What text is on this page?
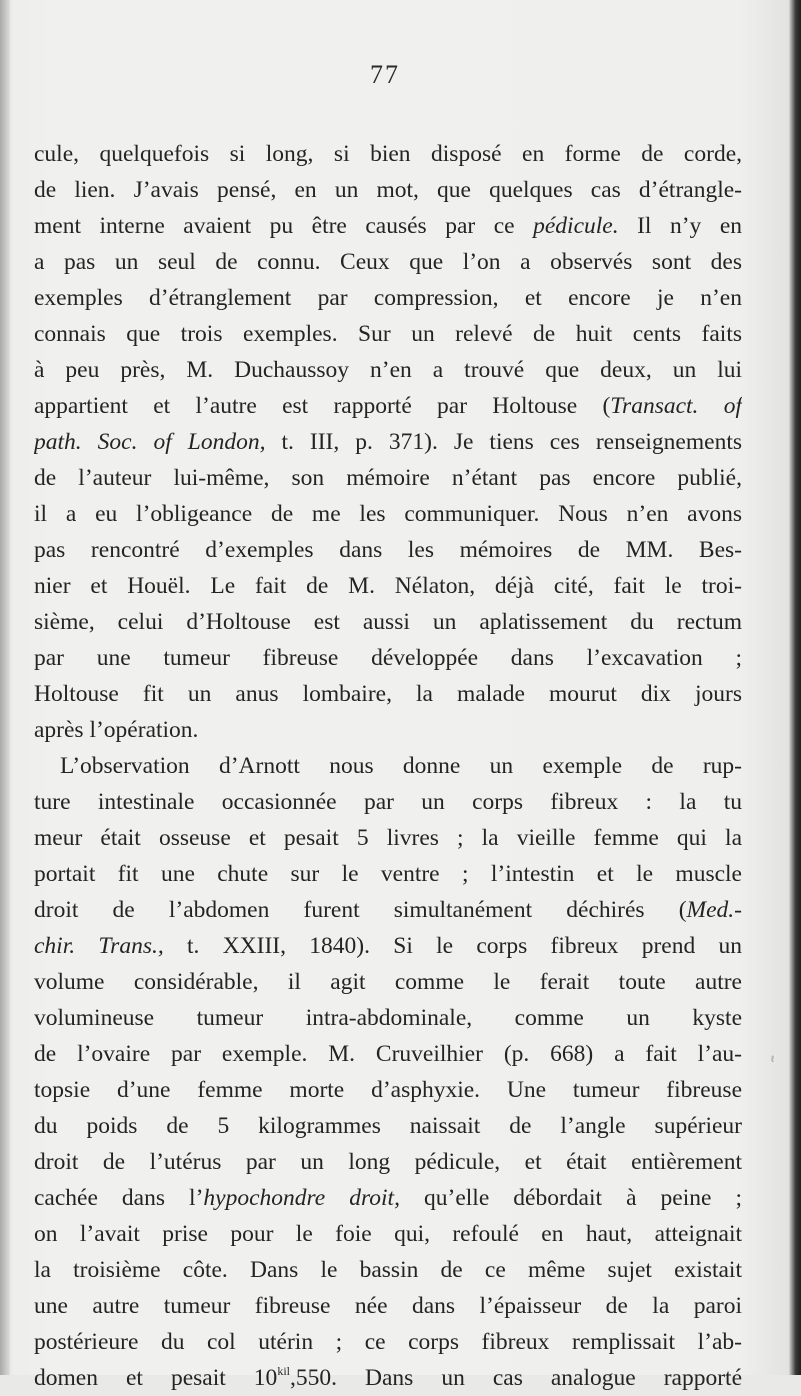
77
cule, quelquefois si long, si bien disposé en forme de corde,
de lien. J’avais pensé, en un mot, que quelques cas d’étrangle-
ment interne avaient pu être causés par ce pédicule. Il n’y en
a pas un seul de connu. Ceux que l’on a observés sont des
exemples d’étranglement par compression, et encore je n’en
connais que trois exemples. Sur un relevé de huit cents faits
à peu près, M. Duchaussoy n’en a trouvé que deux, un lui
appartient et l’autre est rapporté par Holtouse (Transact. of
path. Soc. of London, t. III, p. 371). Je tiens ces renseignements
de l’auteur lui-même, son mémoire n’étant pas encore publié,
il a eu l’obligeance de me les communiquer. Nous n’en avons
pas rencontré d’exemples dans les mémoires de MM. Bes-
nier et Houël. Le fait de M. Nélaton, déjà cité, fait le troi-
sième, celui d’Holtouse est aussi un aplatissement du rectum
par une tumeur fibreuse développée dans l’excavation ;
Holtouse fit un anus lombaire, la malade mourut dix jours
après l’opération.
L’observation d’Arnott nous donne un exemple de rup-
ture intestinale occasionnée par un corps fibreux : la tu
meur était osseuse et pesait 5 livres ; la vieille femme qui la
portait fit une chute sur le ventre ; l’intestin et le muscle
droit de l’abdomen furent simultanément déchirés (Med.-
chir. Trans., t. XXIII, 1840). Si le corps fibreux prend un
volume considérable, il agit comme le ferait toute autre
volumineuse tumeur intra-abdominale, comme un kyste
de l’ovaire par exemple. M. Cruveilhier (p. 668) a fait l’au-
topsie d’une femme morte d’asphyxie. Une tumeur fibreuse
du poids de 5 kilogrammes naissait de l’angle supérieur
droit de l’utérus par un long pédicule, et était entièrement
cachée dans l’hypochondre droit, qu’elle débordait à peine ;
on l’avait prise pour le foie qui, refoulé en haut, atteignait
la troisième côte. Dans le bassin de ce même sujet existait
une autre tumeur fibreuse née dans l’épaisseur de la paroi
postérieure du col utérin ; ce corps fibreux remplissait l’ab-
domen et pesait $10^{kil},550$. Dans un cas analogue rapporté
ℓ
